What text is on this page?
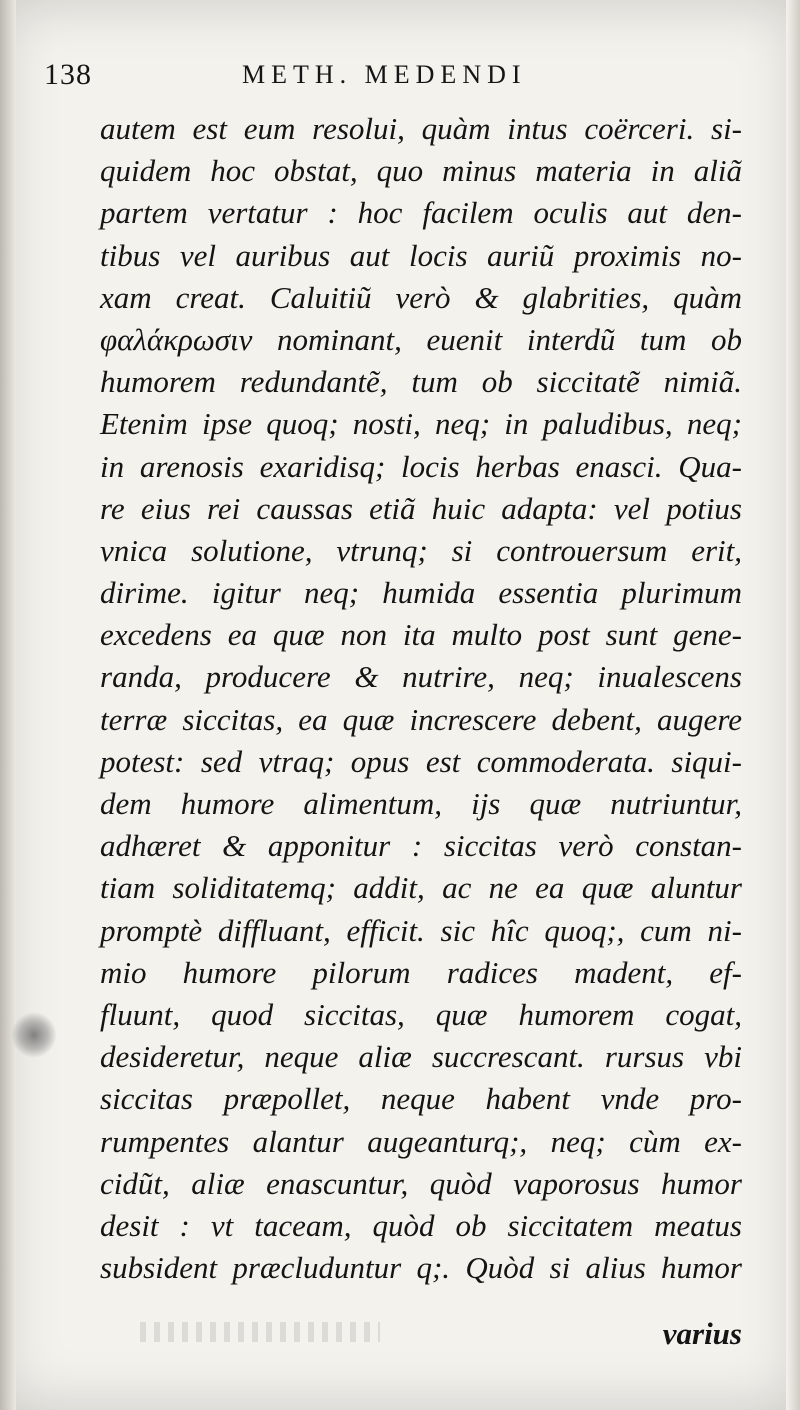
138	METH. MEDENDI
autem est eum resolui, quàm intus coërceri. si-
quidem hoc obstat, quo minus materia in aliã
partem vertatur : hoc facilem oculis aut den-
tibus vel auribus aut locis auriũ proximis no-
xam creat. Caluitiũ verò & glabrities, quàm
φαλάκρωσιν nominant, euenit interdũ tum ob
humorem redundantẽ, tum ob siccitatẽ nimiã.
Etenim ipse quoq; nosti, neq; in paludibus, neq;
in arenosis exaridisq; locis herbas enasci. Qua-
re eius rei caussas etiã huic adapta: vel potius
vnica solutione, vtrunq; si controuersum erit,
dirime. igitur neq; humida essentia plurimum
excedens ea quæ non ita multo post sunt gene-
randa, producere & nutrire, neq; inualescens
terræ siccitas, ea quæ increscere debent, augere
potest: sed vtraq; opus est commoderata. siqui-
dem humore alimentum, ijs quæ nutriuntur,
adhæret & apponitur : siccitas verò constan-
tiam soliditatemq; addit, ac ne ea quæ aluntur
promptè diffluant, efficit. sic hîc quoq;, cum ni-
mio humore pilorum radices madent, ef-
fluunt, quod siccitas, quæ humorem cogat,
desideretur, neque aliæ succrescant. rursus vbi
siccitas præpollet, neque habent vnde pro-
rumpentes alantur augeanturq;, neq; cùm ex-
cidũt, aliæ enascuntur, quòd vaporosus humor
desit : vt taceam, quòd ob siccitatem meatus
subsident præcluduntur q;. Quòd si alius humor
varius
